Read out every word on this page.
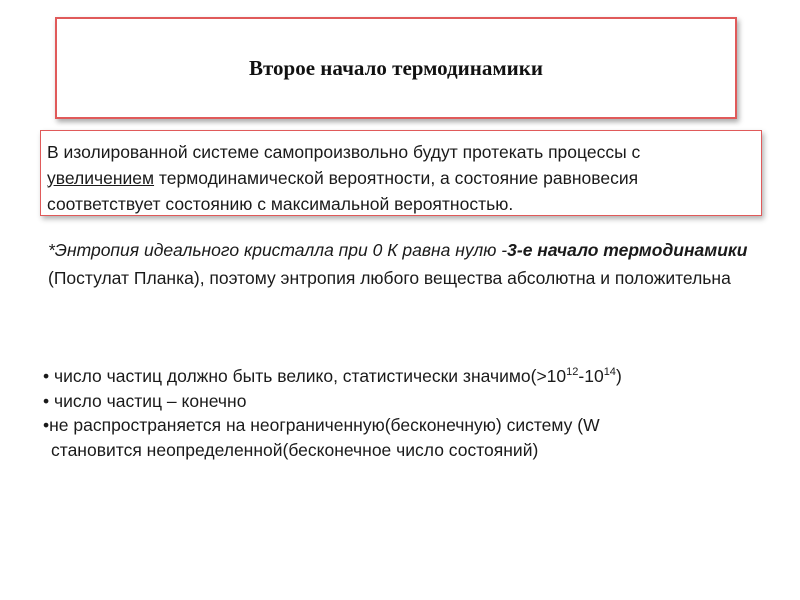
Второе начало термодинамики
В изолированной системе самопроизвольно будут протекать процессы с
увеличением термодинамической вероятности, а состояние равновесия
соответствует состоянию с максимальной вероятностью.
*Энтропия идеального кристалла при 0 К равна нулю -3-е начало термодинамики (Постулат Планка), поэтому энтропия любого вещества абсолютна и положительна
• число частиц должно быть велико, статистически $значимо(>10^{12}-10^{14})$
• число частиц – конечно
•не распространяется на неограниченную(бесконечную) систему (W
становится неопределенной(бесконечное число состояний)
